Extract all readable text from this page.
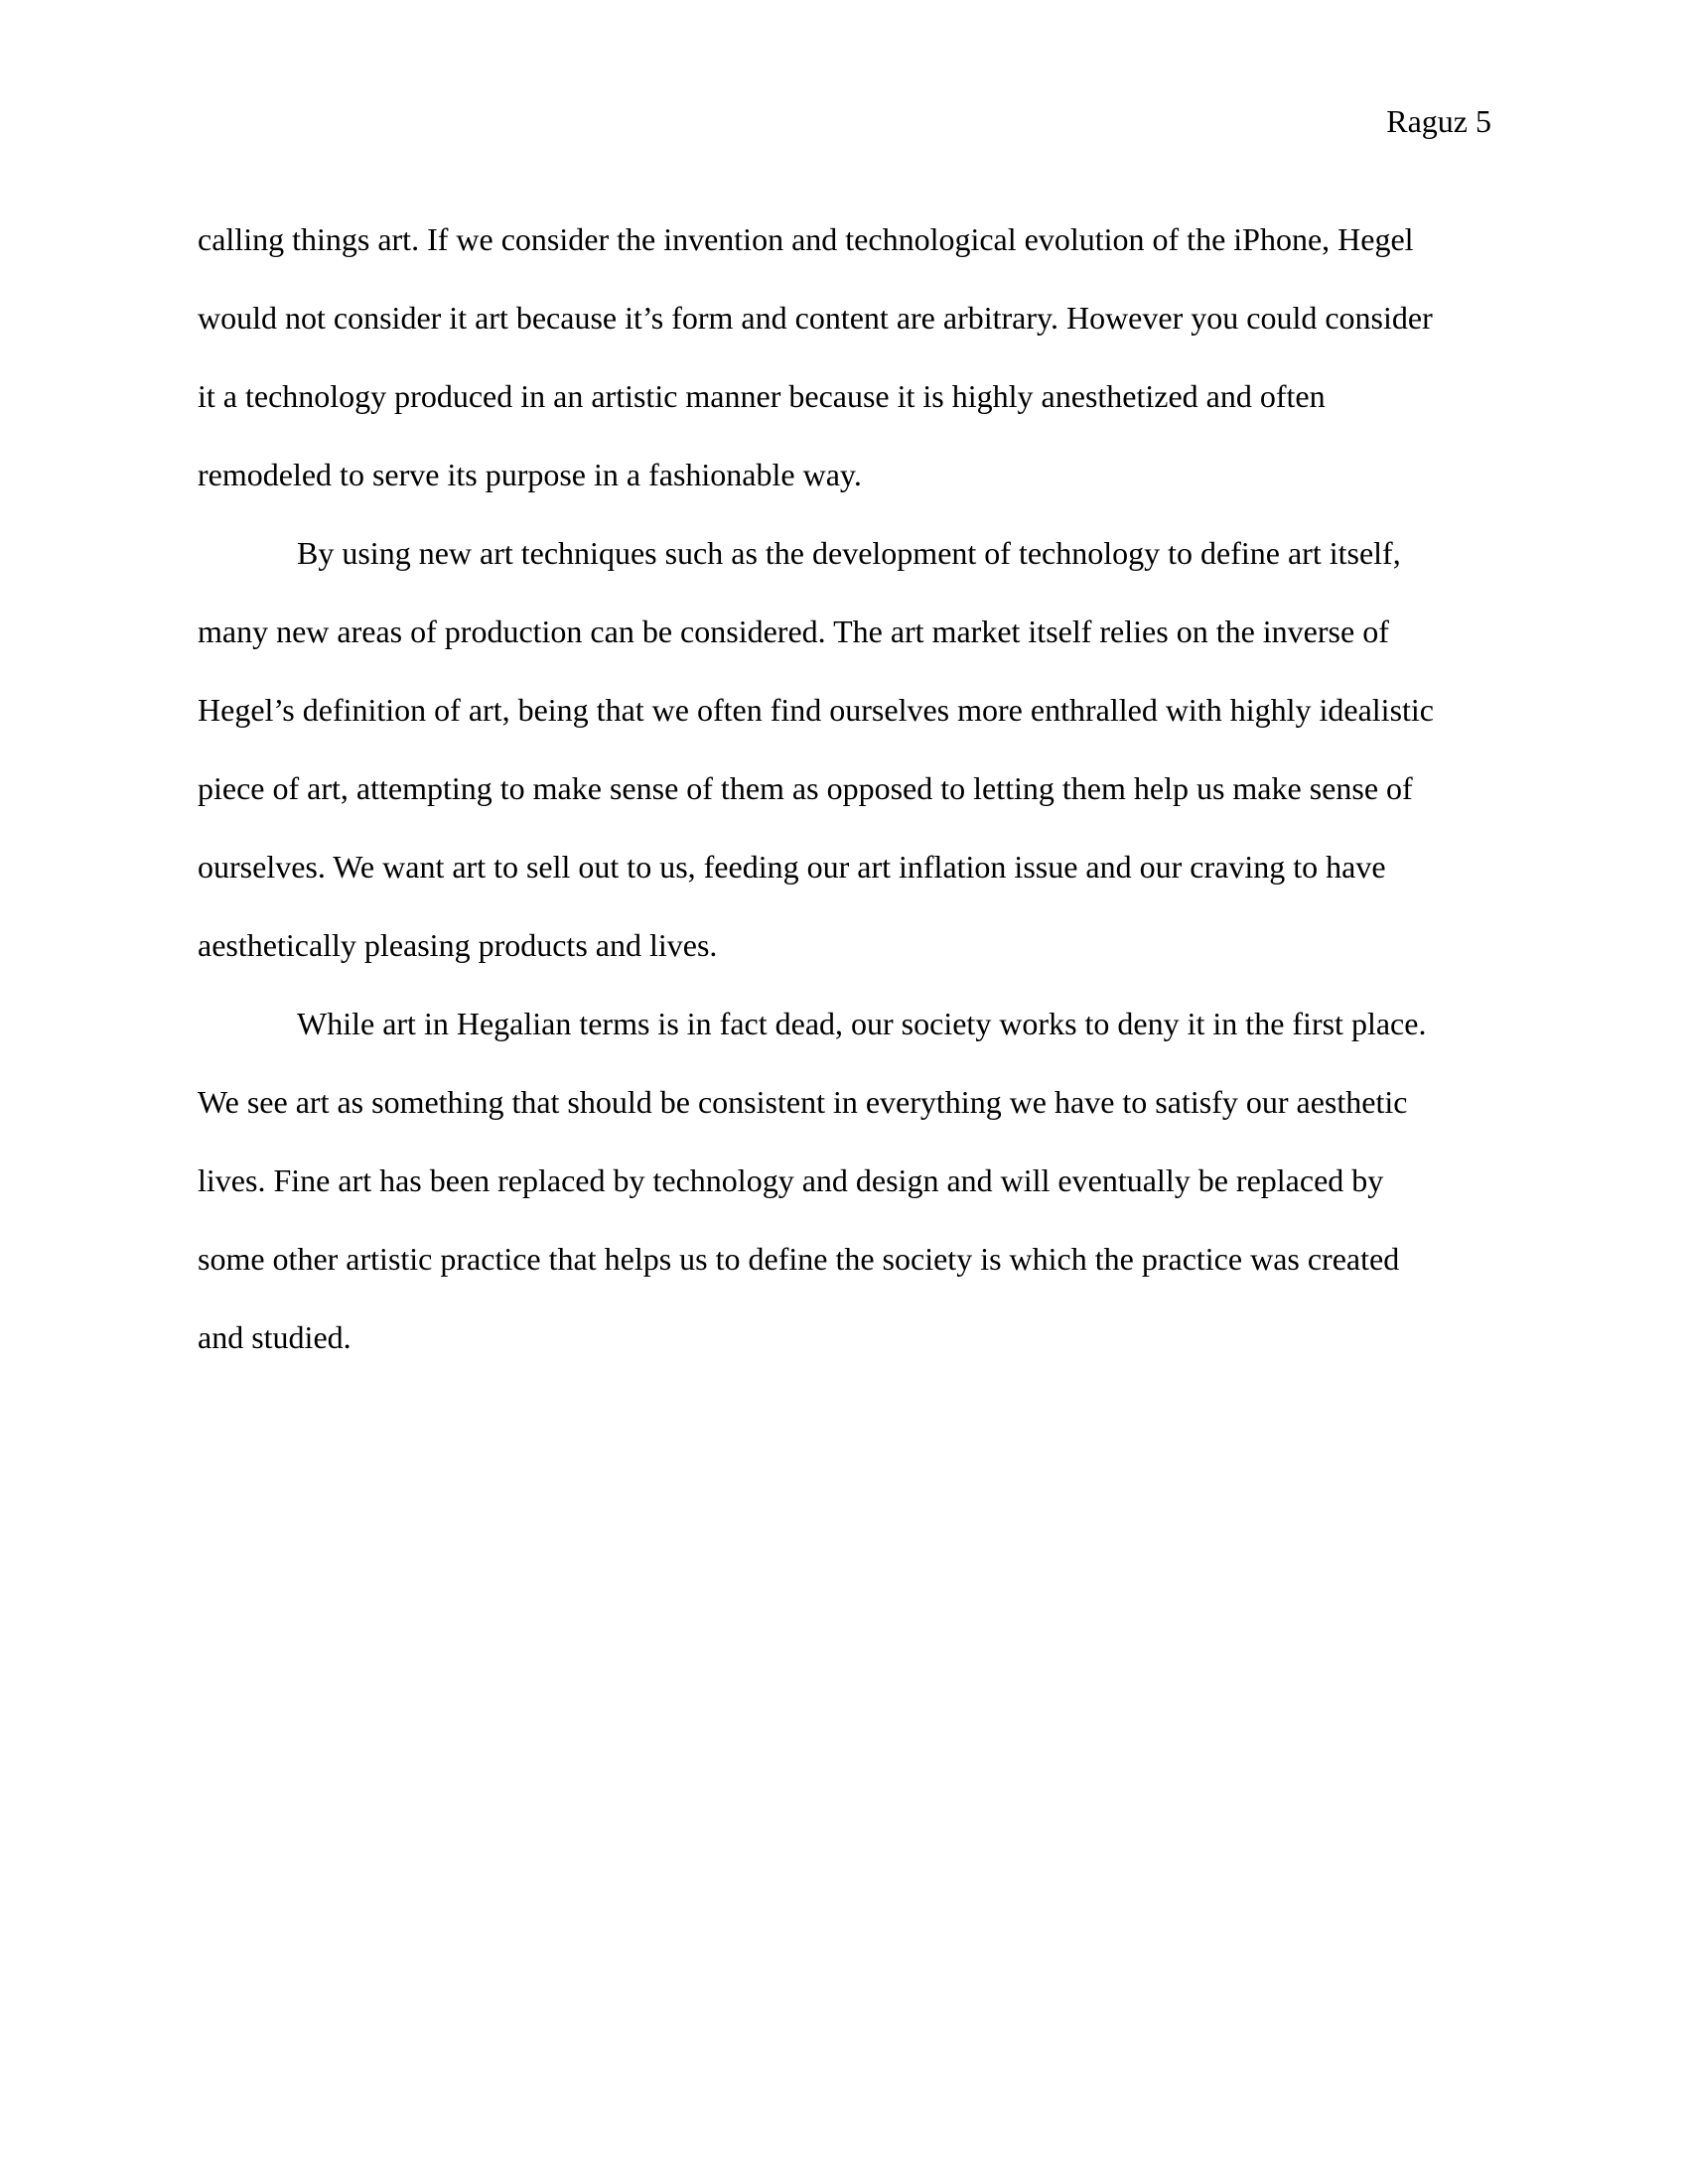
Raguz 5

calling things art. If we consider the invention and technological evolution of the iPhone, Hegel
would not consider it art because it’s form and content are arbitrary. However you could consider
it a technology produced in an artistic manner because it is highly anesthetized and often
remodeled to serve its purpose in a fashionable way.

By using new art techniques such as the development of technology to define art itself,
many new areas of production can be considered. The art market itself relies on the inverse of
Hegel’s definition of art, being that we often find ourselves more enthralled with highly idealistic
piece of art, attempting to make sense of them as opposed to letting them help us make sense of
ourselves. We want art to sell out to us, feeding our art inflation issue and our craving to have
aesthetically pleasing products and lives.

While art in Hegalian terms is in fact dead, our society works to deny it in the first place.
We see art as something that should be consistent in everything we have to satisfy our aesthetic
lives. Fine art has been replaced by technology and design and will eventually be replaced by
some other artistic practice that helps us to define the society is which the practice was created
and studied.
